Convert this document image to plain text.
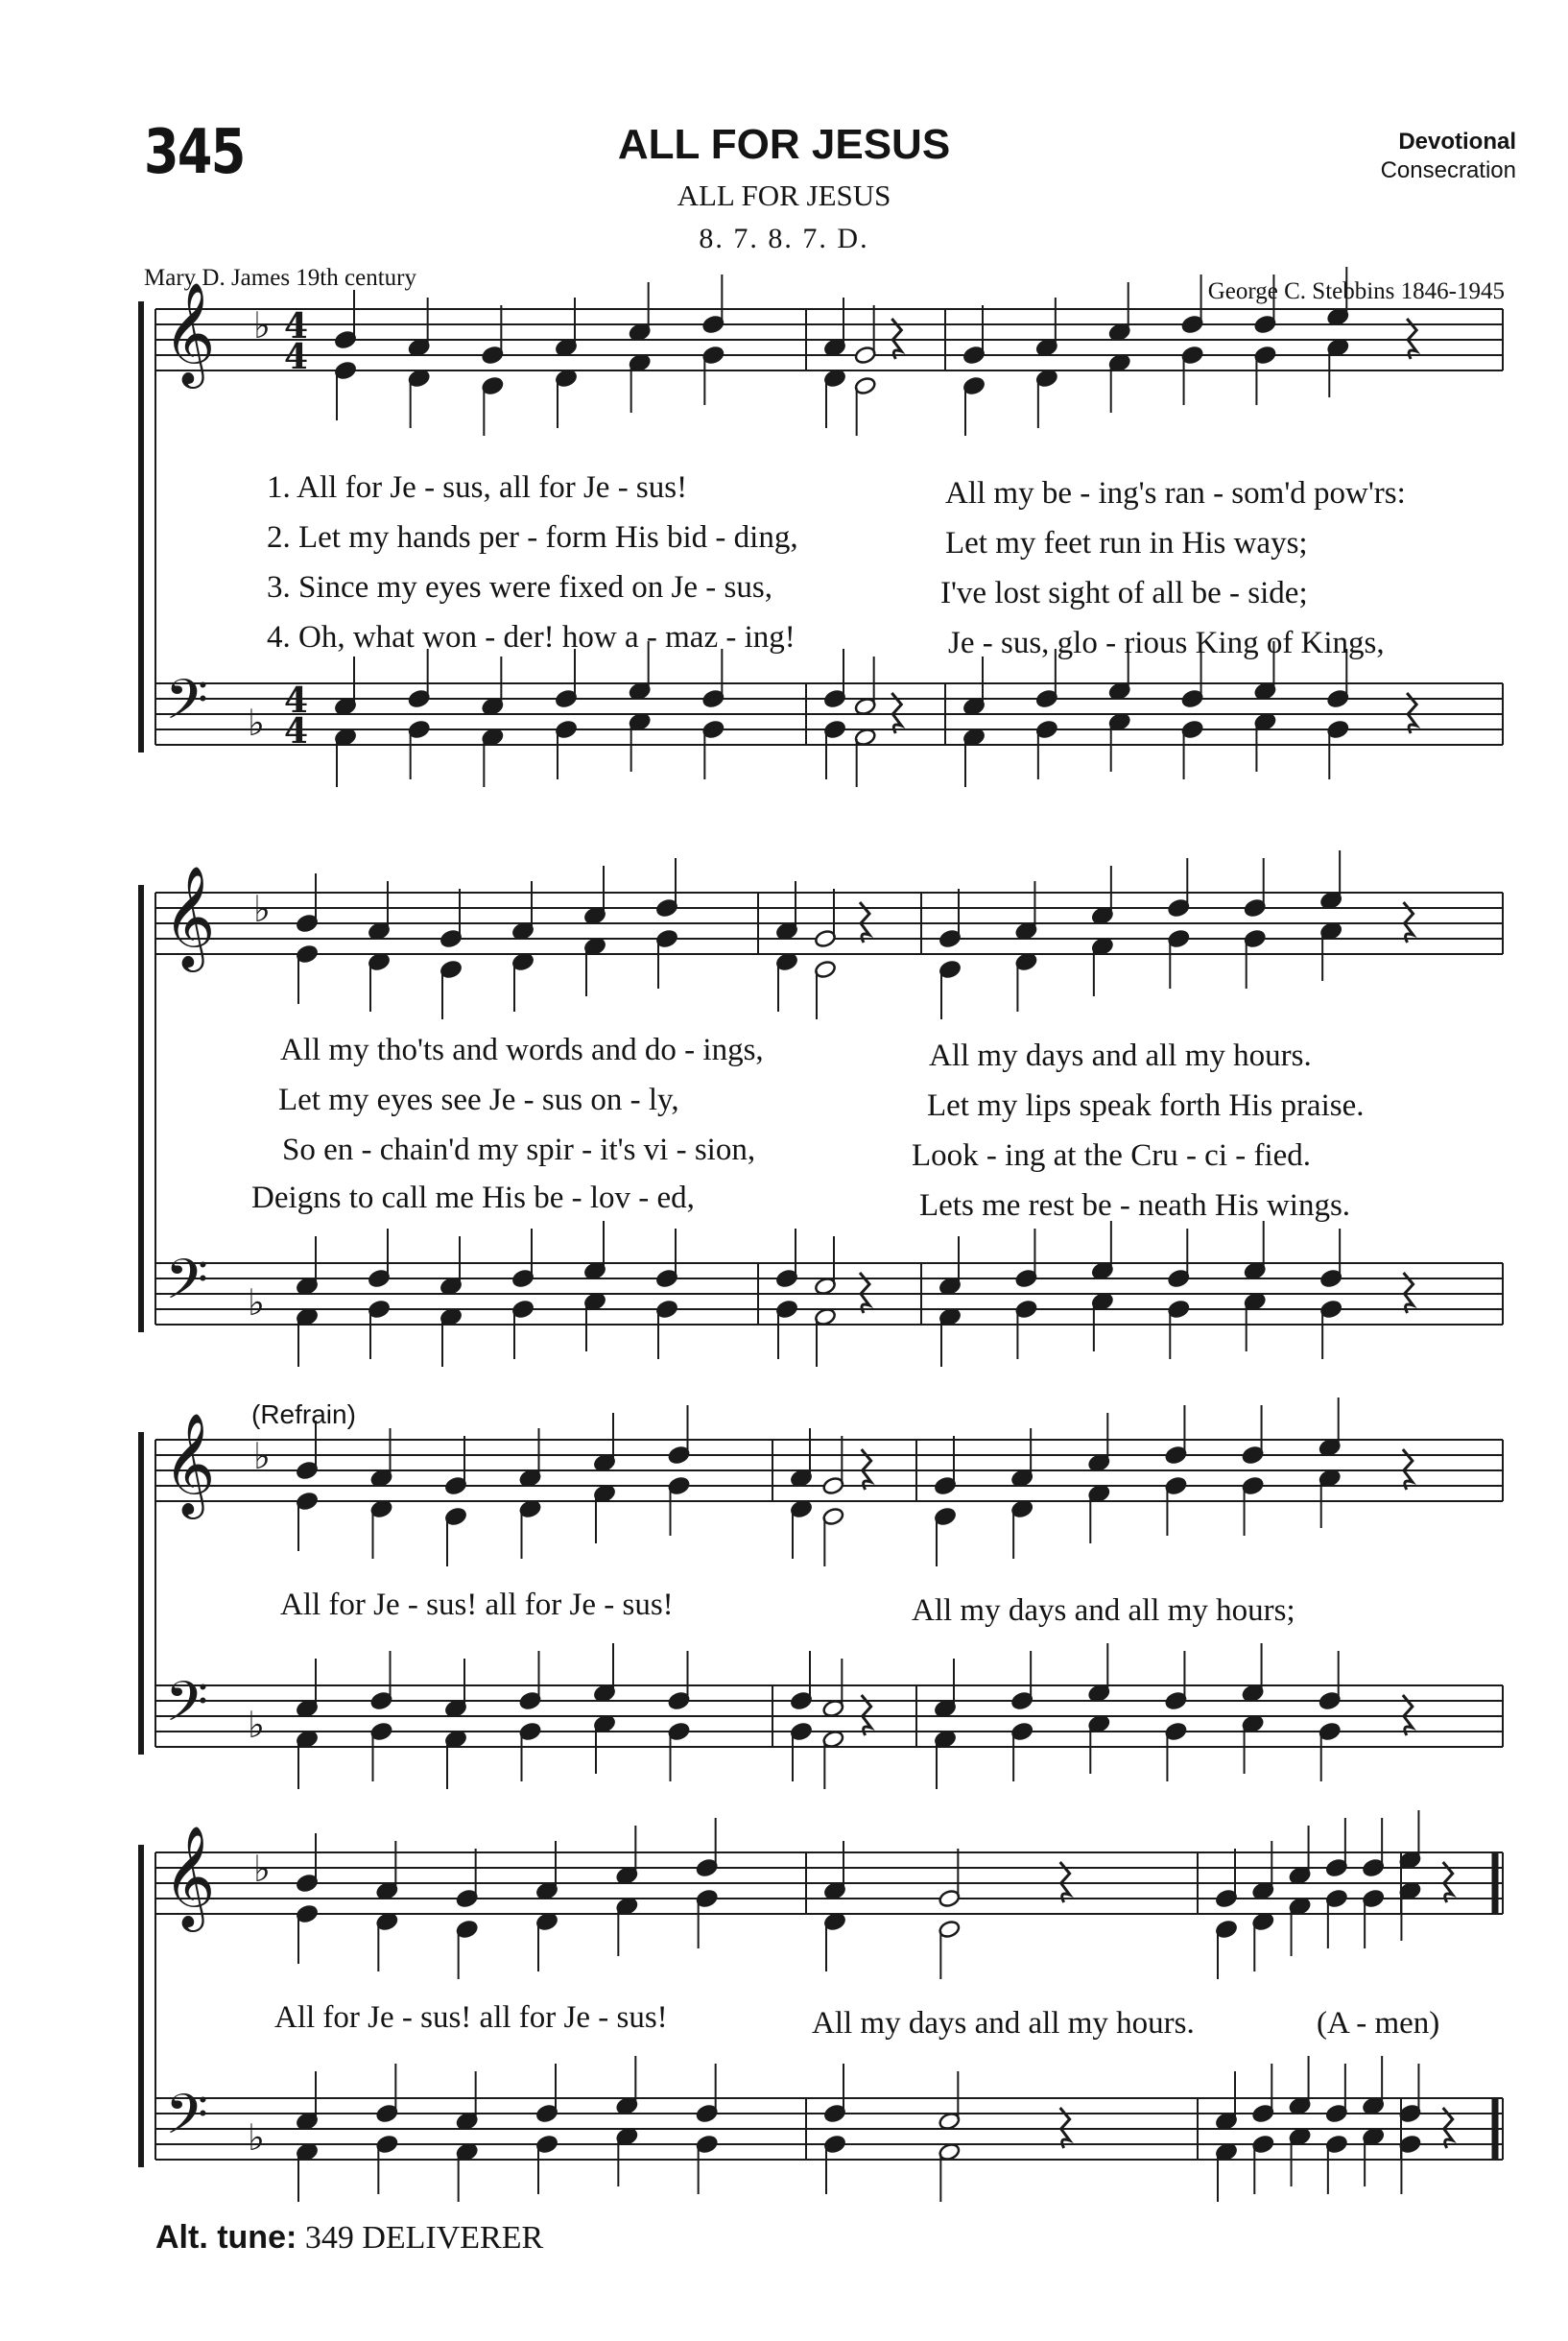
345	ALL FOR JESUS
ALL FOR JESUS
8. 7. 8. 7. D.
Devotional
Consecration
Mary D. James 19th century
George C. Stebbins 1846-1945
𝄞
𝄢
♭
♭
4
4
4
4
𝄞
𝄢
♭
♭
𝄞
𝄢
♭
♭
𝄞
𝄢
♭
♭
1. All for Je - sus, all for Je - sus!
2. Let my hands per - form His bid - ding,
3. Since my eyes were fixed on Je - sus,
4. Oh, what won - der! how a - maz - ing!
All my be - ing's ran - som'd pow'rs:
Let my feet run in His ways;
I've lost sight of all be - side;
Je - sus, glo - rious King of Kings,
All my tho'ts and words and do - ings,
Let my eyes see Je - sus on - ly,
So en - chain'd my spir - it's vi - sion,
Deigns to call me His be - lov - ed,
All my days and all my hours.
Let my lips speak forth His praise.
Look - ing at the Cru - ci - fied.
Lets me rest be - neath His wings.
(Refrain)
All for Je - sus! all for Je - sus!	All my days and all my hours;
All for Je - sus! all for Je - sus!	All my days and all my hours.	(A - men)
Alt. tune: 349 DELIVERER
